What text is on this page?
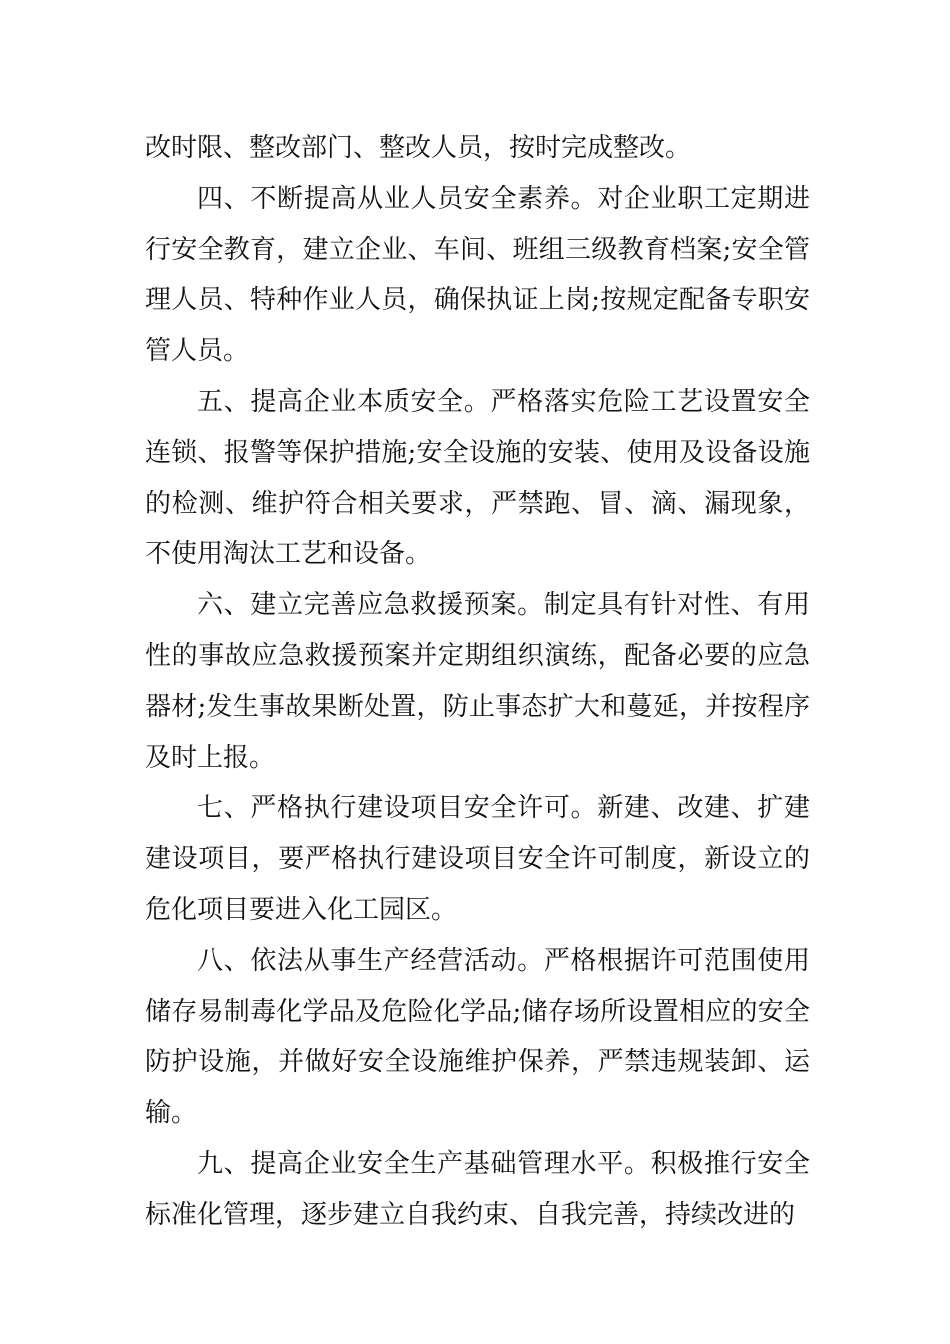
改时限、整改部门、整改人员，按时完成整改。

四、不断提高从业人员安全素养。对企业职工定期进行安全教育，建立企业、车间、班组三级教育档案;安全管理人员、特种作业人员，确保执证上岗;按规定配备专职安管人员。

五、提高企业本质安全。严格落实危险工艺设置安全连锁、报警等保护措施;安全设施的安装、使用及设备设施的检测、维护符合相关要求，严禁跑、冒、滴、漏现象，不使用淘汰工艺和设备。

六、建立完善应急救援预案。制定具有针对性、有用性的事故应急救援预案并定期组织演练，配备必要的应急器材;发生事故果断处置，防止事态扩大和蔓延，并按程序及时上报。

七、严格执行建设项目安全许可。新建、改建、扩建建设项目，要严格执行建设项目安全许可制度，新设立的危化项目要进入化工园区。

八、依法从事生产经营活动。严格根据许可范围使用储存易制毒化学品及危险化学品;储存场所设置相应的安全防护设施，并做好安全设施维护保养，严禁违规装卸、运输。

九、提高企业安全生产基础管理水平。积极推行安全标准化管理，逐步建立自我约束、自我完善，持续改进的
